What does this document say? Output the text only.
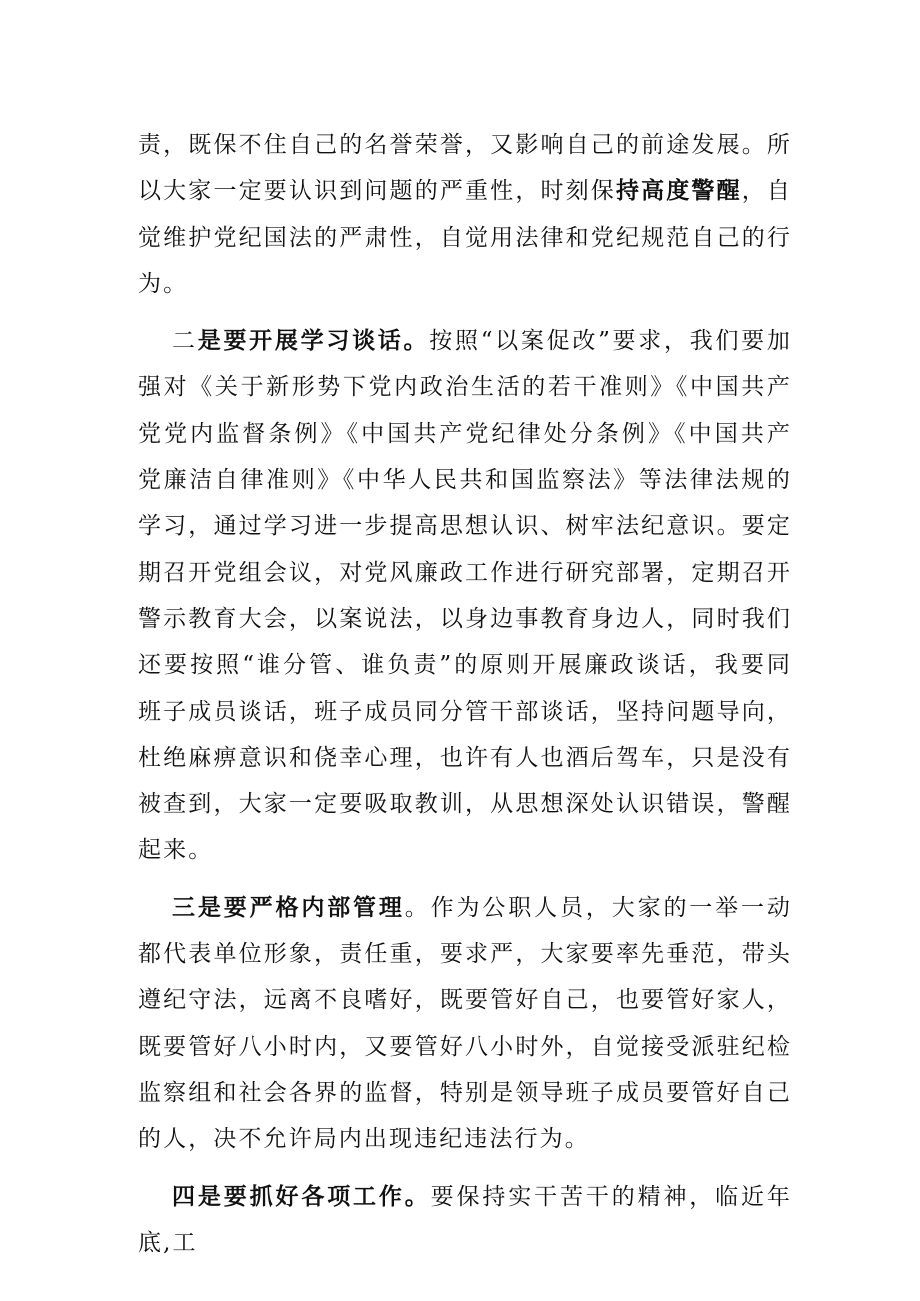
责，既保不住自己的名誉荣誉，又影响自己的前途发展。所以大家一定要认识到问题的严重性，时刻保持高度警醒，自觉维护党纪国法的严肃性，自觉用法律和党纪规范自己的行为。

二是要开展学习谈话。按照“以案促改”要求，我们要加强对《关于新形势下党内政治生活的若干准则》《中国共产党党内监督条例》《中国共产党纪律处分条例》《中国共产党廉洁自律准则》《中华人民共和国监察法》等法律法规的学习，通过学习进一步提高思想认识、树牢法纪意识。要定期召开党组会议，对党风廉政工作进行研究部署，定期召开警示教育大会，以案说法，以身边事教育身边人，同时我们还要按照“谁分管、谁负责”的原则开展廉政谈话，我要同班子成员谈话，班子成员同分管干部谈话，坚持问题导向，杜绝麻痹意识和侥幸心理，也许有人也酒后驾车，只是没有被查到，大家一定要吸取教训，从思想深处认识错误，警醒起来。

三是要严格内部管理。作为公职人员，大家的一举一动都代表单位形象，责任重，要求严，大家要率先垂范，带头遵纪守法，远离不良嗜好，既要管好自己，也要管好家人，既要管好八小时内，又要管好八小时外，自觉接受派驻纪检监察组和社会各界的监督，特别是领导班子成员要管好自己的人，决不允许局内出现违纪违法行为。

四是要抓好各项工作。要保持实干苦干的精神，临近年底,工
